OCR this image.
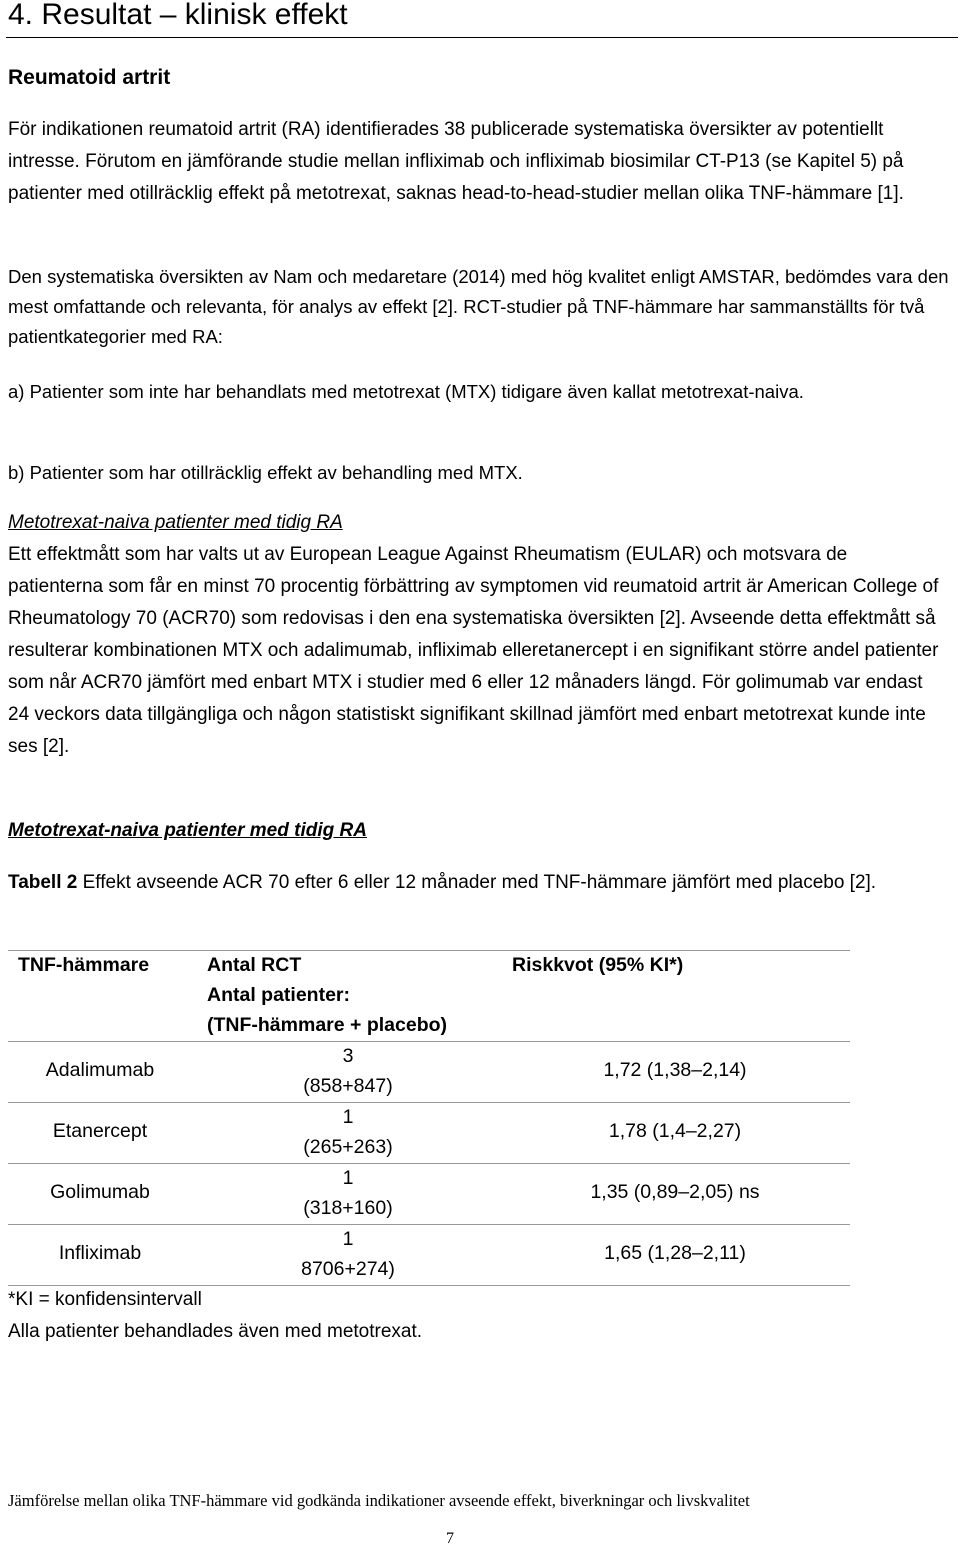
4. Resultat – klinisk effekt
Reumatoid artrit

För indikationen reumatoid artrit (RA) identifierades 38 publicerade systematiska översikter av potentiellt intresse. Förutom en jämförande studie mellan infliximab och infliximab biosimilar CT-P13 (se Kapitel 5) på patienter med otillräcklig effekt på metotrexat, saknas head-to-head-studier mellan olika TNF-hämmare [1].

Den systematiska översikten av Nam och medaretare (2014) med hög kvalitet enligt AMSTAR, bedömdes vara den mest omfattande och relevanta, för analys av effekt [2]. RCT-studier på TNF-hämmare har sammanställts för två patientkategorier med RA:

a) Patienter som inte har behandlats med metotrexat (MTX) tidigare även kallat metotrexat-naiva.

b) Patienter som har otillräcklig effekt av behandling med MTX.

Metotrexat-naiva patienter med tidig RA

Ett effektmått som har valts ut av European League Against Rheumatism (EULAR) och motsvara de patienterna som får en minst 70 procentig förbättring av symptomen vid reumatoid artrit är American College of Rheumatology 70 (ACR70) som redovisas i den ena systematiska översikten [2]. Avseende detta effektmått så resulterar kombinationen MTX och adalimumab, infliximab elleretanercept i en signifikant större andel patienter som når ACR70 jämfört med enbart MTX i studier med 6 eller 12 månaders längd. För golimumab var endast 24 veckors data tillgängliga och någon statistiskt signifikant skillnad jämfört med enbart metotrexat kunde inte ses [2].

Metotrexat-naiva patienter med tidig RA

Tabell 2 Effekt avseende ACR 70 efter 6 eller 12 månader med TNF-hämmare jämfört med placebo [2].

TNF-hämmare	Antal RCT
Antal patienter:
(TNF-hämmare + placebo)
Riskkvot (95% KI*)
Adalimumab
3
(858+847)
1,72 (1,38–2,14)
Etanercept
1
(265+263)
1,78 (1,4–2,27)
Golimumab
1
(318+160)
1,35 (0,89–2,05) ns
Infliximab
1
8706+274)
1,65 (1,28–2,11)
*KI = konfidensintervall
Alla patienter behandlades även med metotrexat.
Jämförelse mellan olika TNF-hämmare vid godkända indikationer avseende effekt, biverkningar och livskvalitet
7
